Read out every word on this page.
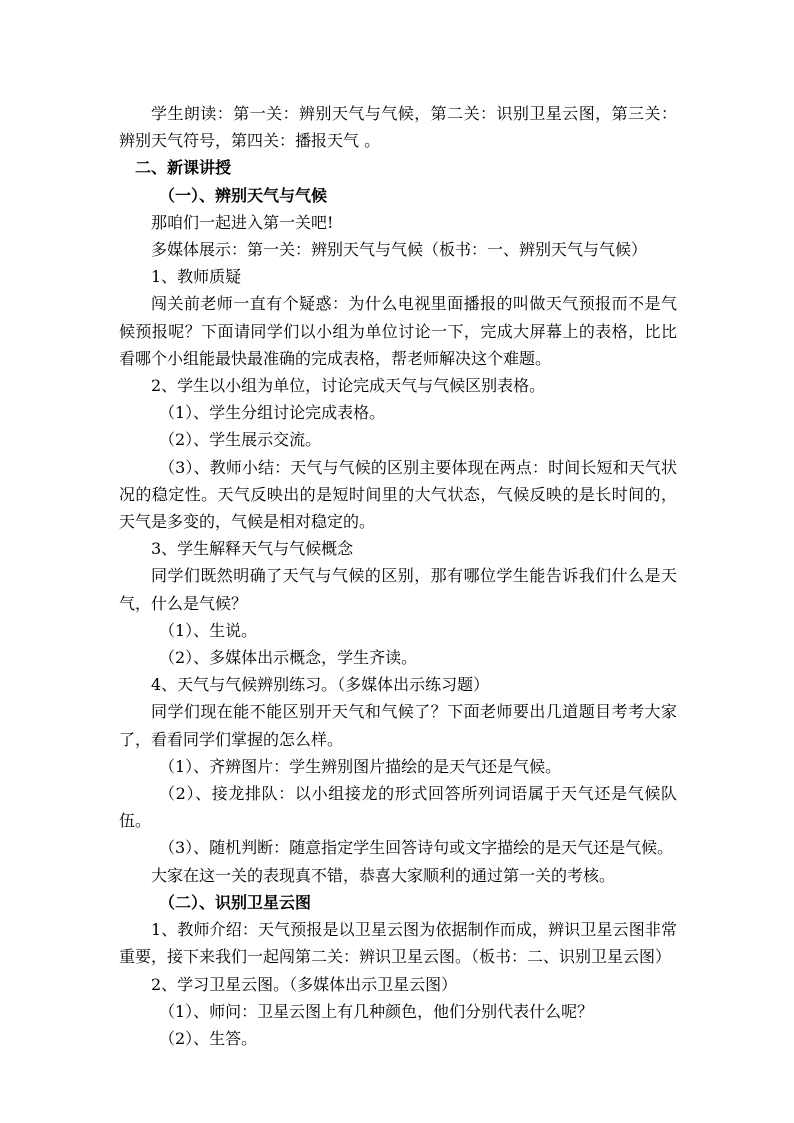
学生朗读：第一关：辨别天气与气候，第二关：识别卫星云图，第三关：辨别天气符号，第四关：播报天气 。

二、新课讲授

（一）、辨别天气与气候

那咱们一起进入第一关吧!

多媒体展示：第一关：辨别天气与气候（板书：一、辨别天气与气候）

1、教师质疑

闯关前老师一直有个疑惑：为什么电视里面播报的叫做天气预报而不是气候预报呢？下面请同学们以小组为单位讨论一下，完成大屏幕上的表格，比比看哪个小组能最快最准确的完成表格，帮老师解决这个难题。

2、学生以小组为单位，讨论完成天气与气候区别表格。

（1）、学生分组讨论完成表格。

（2）、学生展示交流。

（3）、教师小结：天气与气候的区别主要体现在两点：时间长短和天气状况的稳定性。天气反映出的是短时间里的大气状态，气候反映的是长时间的，天气是多变的，气候是相对稳定的。

3、学生解释天气与气候概念

同学们既然明确了天气与气候的区别，那有哪位学生能告诉我们什么是天气，什么是气候？

（1）、生说。

（2）、多媒体出示概念，学生齐读。

4、天气与气候辨别练习。（多媒体出示练习题）

同学们现在能不能区别开天气和气候了？下面老师要出几道题目考考大家了，看看同学们掌握的怎么样。

（1）、齐辨图片：学生辨别图片描绘的是天气还是气候。

（2）、接龙排队：以小组接龙的形式回答所列词语属于天气还是气候队伍。

（3）、随机判断：随意指定学生回答诗句或文字描绘的是天气还是气候。

大家在这一关的表现真不错，恭喜大家顺利的通过第一关的考核。

（二）、识别卫星云图

1、教师介绍：天气预报是以卫星云图为依据制作而成，辨识卫星云图非常重要，接下来我们一起闯第二关：辨识卫星云图。（板书：二、识别卫星云图）

2、学习卫星云图。（多媒体出示卫星云图）

（1）、师问：卫星云图上有几种颜色，他们分别代表什么呢？

（2）、生答。
